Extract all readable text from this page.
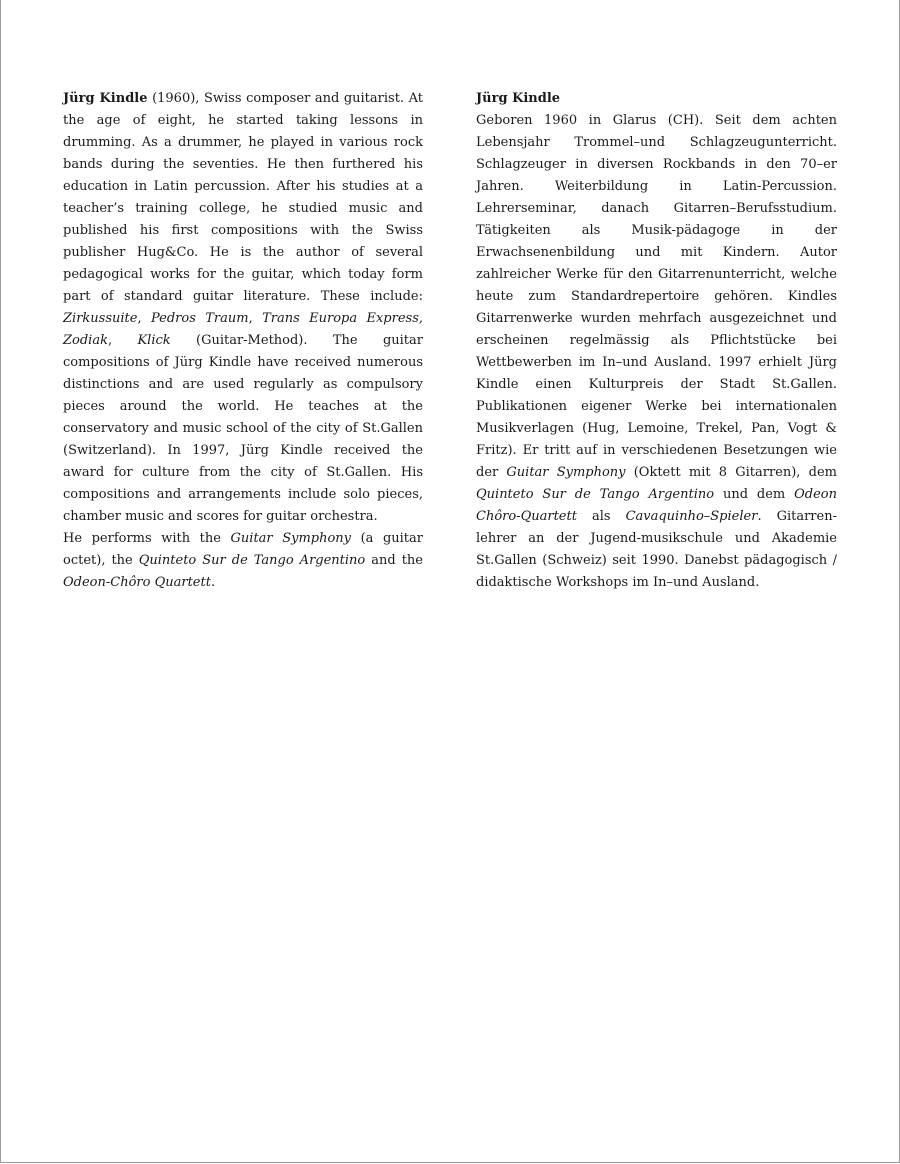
Jürg Kindle (1960), Swiss composer and guitarist. At the age of eight, he started taking lessons in drumming. As a drummer, he played in various rock bands during the seventies. He then furthered his education in Latin percussion. After his studies at a teacher’s training college, he studied music and published his first compositions with the Swiss publisher Hug&Co. He is the author of several pedagogical works for the guitar, which today form part of standard guitar literature. These include: Zirkussuite, Pedros Traum, Trans Europa Express, Zodiak, Klick (Guitar-Method). The guitar compositions of Jürg Kindle have received numerous distinctions and are used regularly as compulsory pieces around the world. He teaches at the conservatory and music school of the city of St.Gallen (Switzerland). In 1997, Jürg Kindle received the award for culture from the city of St.Gallen. His compositions and arrangements include solo pieces, chamber music and scores for guitar orchestra.

He performs with the Guitar Symphony (a guitar octet), the Quinteto Sur de Tango Argentino and the Odeon-Chôro Quartett.

Jürg Kindle

Geboren 1960 in Glarus (CH). Seit dem achten Lebensjahr Trommel–und Schlagzeugunterricht. Schlagzeuger in diversen Rockbands in den 70–er Jahren. Weiterbildung in Latin-Percussion. Lehrerseminar, danach Gitarren–Berufsstudium. Tätigkeiten als Musik-pädagoge in der Erwachsenenbildung und mit Kindern. Autor zahlreicher Werke für den Gitarrenunterricht, welche heute zum Standardrepertoire gehören. Kindles Gitarrenwerke wurden mehrfach ausgezeichnet und erscheinen regelmässig als Pflichtstücke bei Wettbewerben im In–und Ausland. 1997 erhielt Jürg Kindle einen Kulturpreis der Stadt St.Gallen. Publikationen eigener Werke bei internationalen Musikverlagen (Hug, Lemoine, Trekel, Pan, Vogt & Fritz). Er tritt auf in verschiedenen Besetzungen wie der Guitar Symphony (Oktett mit 8 Gitarren), dem Quinteto Sur de Tango Argentino und dem Odeon Chôro-Quartett als Cavaquinho–Spieler. Gitarrenlehrer an der Jugend-musikschule und Akademie St.Gallen (Schweiz) seit 1990. Danebst pädagogisch / didaktische Workshops im In–und Ausland.
